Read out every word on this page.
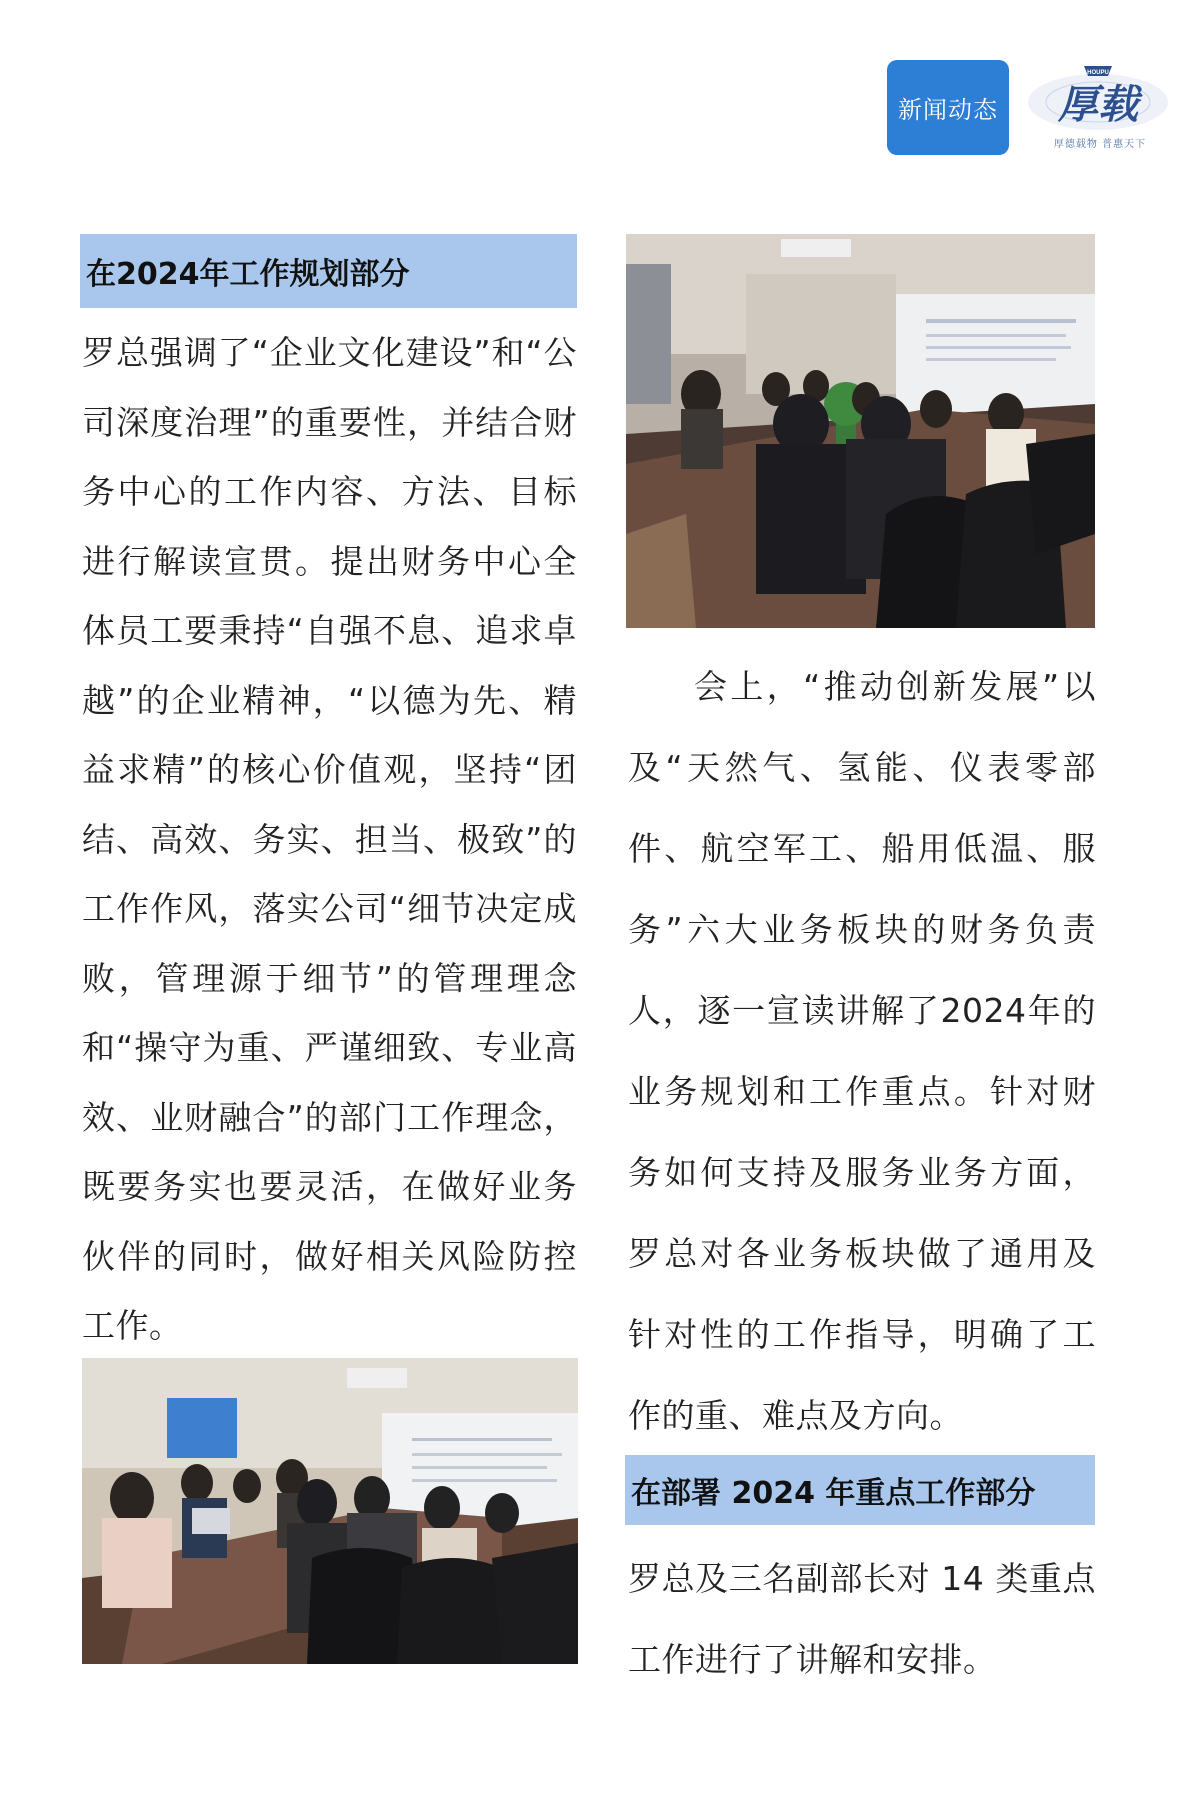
新闻动态
HOUPU
厚载
厚德载物 普惠天下
在2024年工作规划部分
罗总强调了“企业文化建设”和“公司深度治理”的重要性，并结合财务中心的工作内容、方法、目标进行解读宣贯。提出财务中心全体员工要秉持“自强不息、追求卓越”的企业精神，“以德为先、精益求精”的核心价值观，坚持“团结、高效、务实、担当、极致”的工作作风，落实公司“细节决定成败，管理源于细节”的管理理念和“操守为重、严谨细致、专业高效、业财融合”的部门工作理念，既要务实也要灵活，在做好业务伙伴的同时，做好相关风险防控工作。
会上，“推动创新发展”以及“天然气、氢能、仪表零部件、航空军工、船用低温、服务”六大业务板块的财务负责人，逐一宣读讲解了2024年的业务规划和工作重点。针对财务如何支持及服务业务方面，罗总对各业务板块做了通用及针对性的工作指导，明确了工作的重、难点及方向。
在部署 2024 年重点工作部分
罗总及三名副部长对 14 类重点工作进行了讲解和安排。
